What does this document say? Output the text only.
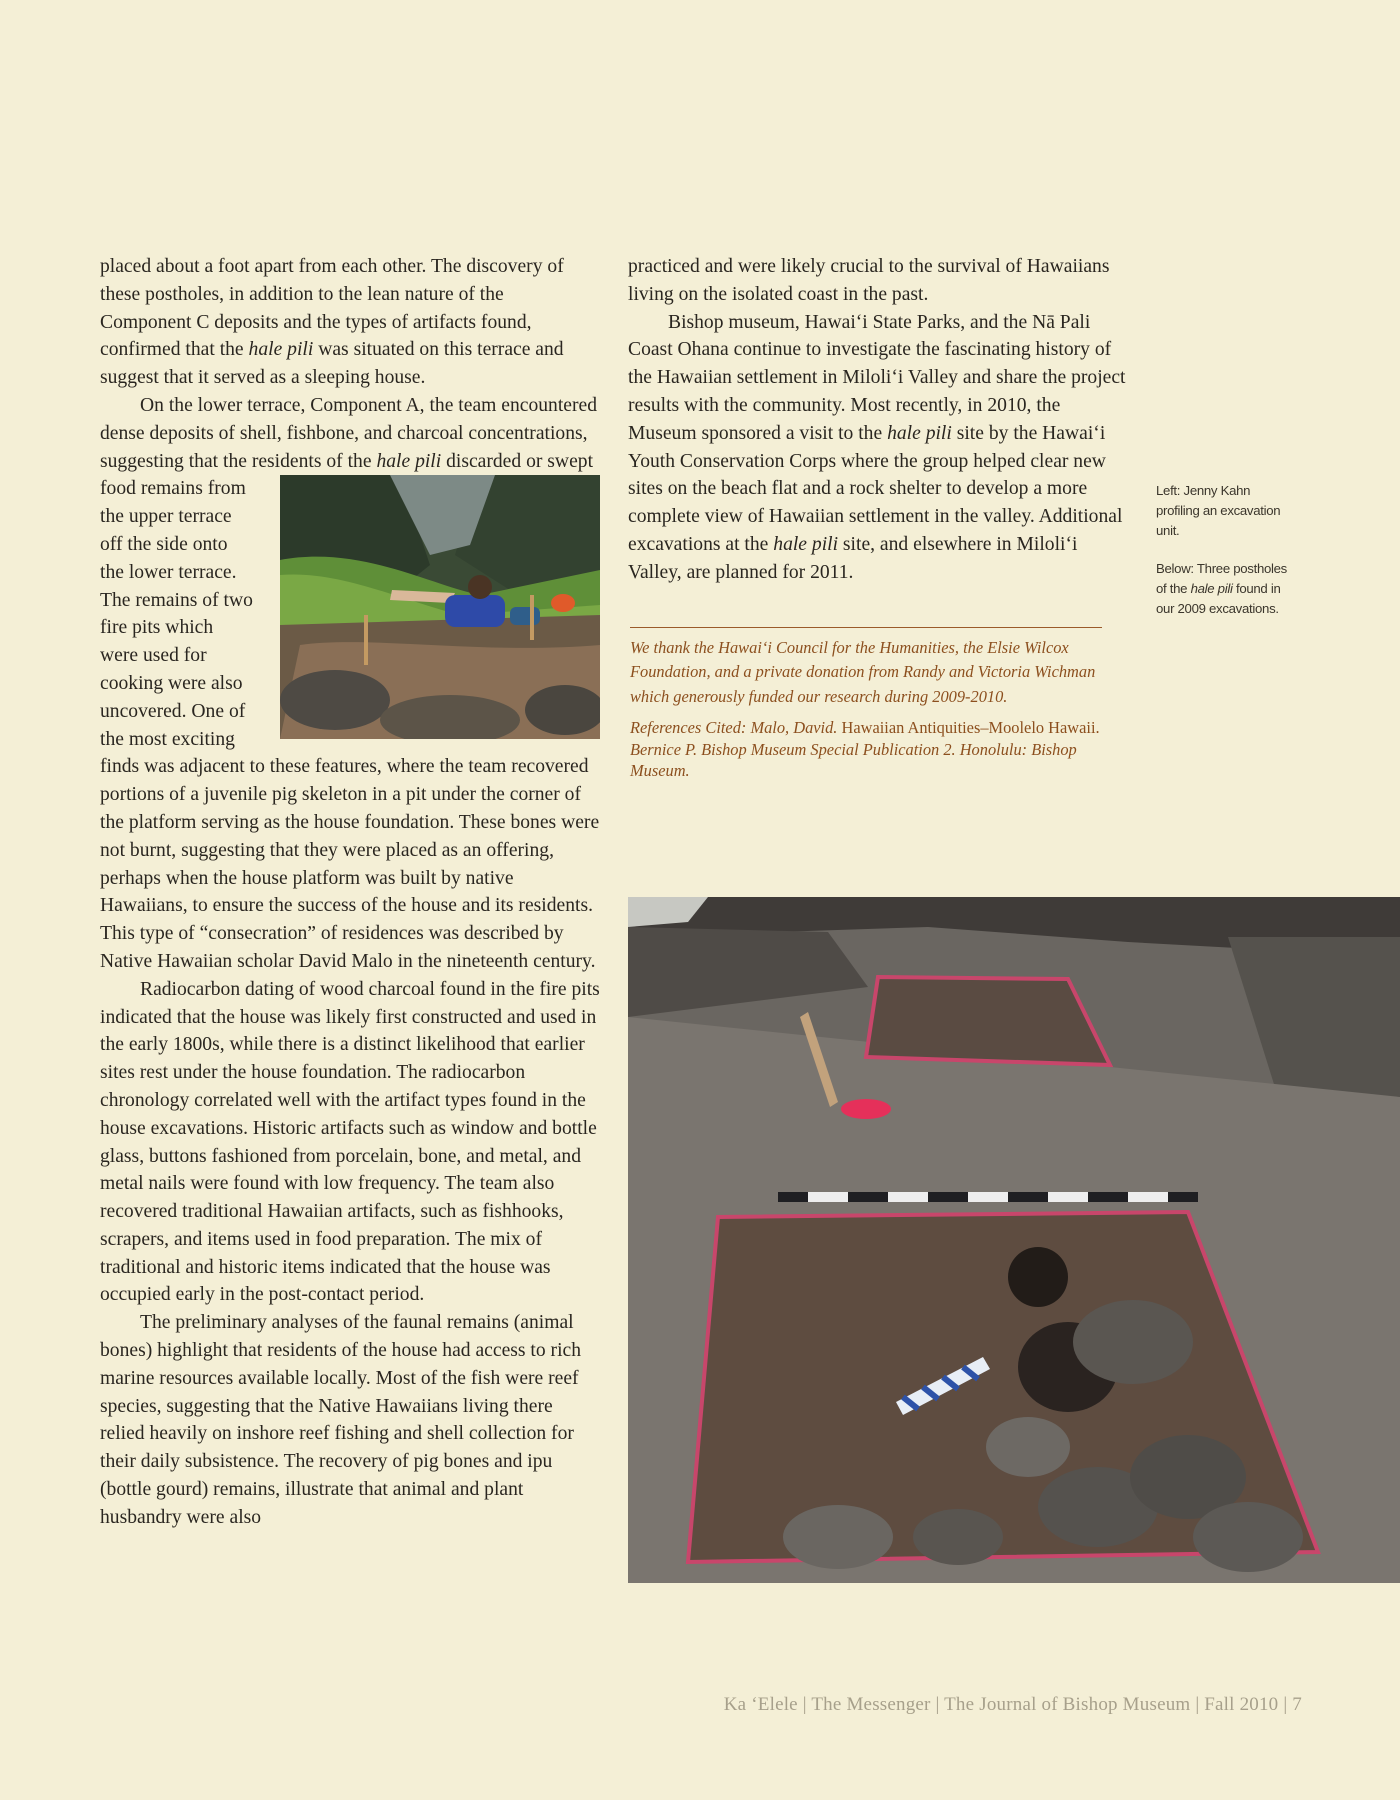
placed about a foot apart from each other. The discovery of these postholes, in addition to the lean nature of the Component C deposits and the types of artifacts found, confirmed that the hale pili was situated on this terrace and suggest that it served as a sleeping house.

On the lower terrace, Component A, the team encountered dense deposits of shell, fishbone, and charcoal concentrations, suggesting that the residents of the hale pili
discarded or swept food remains from the upper terrace off the side onto the lower terrace. The remains of two fire pits which were used for cooking were also uncovered. One of the most exciting finds was adjacent to these features, where the team recovered portions of a juvenile pig skeleton in a pit under the corner of the platform serving as the house foundation. These bones were not burnt, suggesting that they were placed as an offering, perhaps when the house platform was built by native Hawaiians, to ensure the success of the house and its residents. This type of “consecration” of residences was described by Native Hawaiian scholar David Malo in the nineteenth century.

Radiocarbon dating of wood charcoal found in the fire pits indicated that the house was likely first constructed and used in the early 1800s, while there is a distinct likelihood that earlier sites rest under the house foundation. The radiocarbon chronology correlated well with the artifact types found in the house excavations. Historic artifacts such as window and bottle glass, buttons fashioned from porcelain, bone, and metal, and metal nails were found with low frequency. The team also recovered traditional Hawaiian artifacts, such as fishhooks, scrapers, and items used in food preparation. The mix of traditional and historic items indicated that the house was occupied early in the post-contact period.

The preliminary analyses of the faunal remains (animal bones) highlight that residents of the house had access to rich marine resources available locally. Most of the fish were reef species, suggesting that the Native Hawaiians living there relied heavily on inshore reef fishing and shell collection for their daily subsistence. The recovery of pig bones and ipu (bottle gourd) remains, illustrate that animal and plant husbandry were also

practiced and were likely crucial to the survival of Hawaiians living on the isolated coast in the past.

Bishop museum, Hawaiʻi State Parks, and the Nā Pali Coast Ohana continue to investigate the fascinating history of the Hawaiian settlement in Miloliʻi Valley and share the project results with the community. Most recently, in 2010, the Museum sponsored a visit to the hale pili site by the Hawaiʻi Youth Conservation Corps where the group helped clear new sites on the beach flat and a rock shelter to develop a more complete view of Hawaiian settlement in the valley. Additional excavations at the hale pili site, and elsewhere in Miloliʻi Valley, are planned for 2011.

We thank the Hawaiʻi Council for the Humanities, the Elsie Wilcox Foundation, and a private donation from Randy and Victoria Wichman which generously funded our research during 2009-2010.

References Cited: Malo, David. Hawaiian Antiquities–Moolelo Hawaii. Bernice P. Bishop Museum Special Publication 2. Honolulu: Bishop Museum.

Left: Jenny Kahn profiling an excavation unit.

Below: Three postholes of the hale pili found in our 2009 excavations.

Ka ʻElele | The Messenger | The Journal of Bishop Museum | Fall 2010 | 7
